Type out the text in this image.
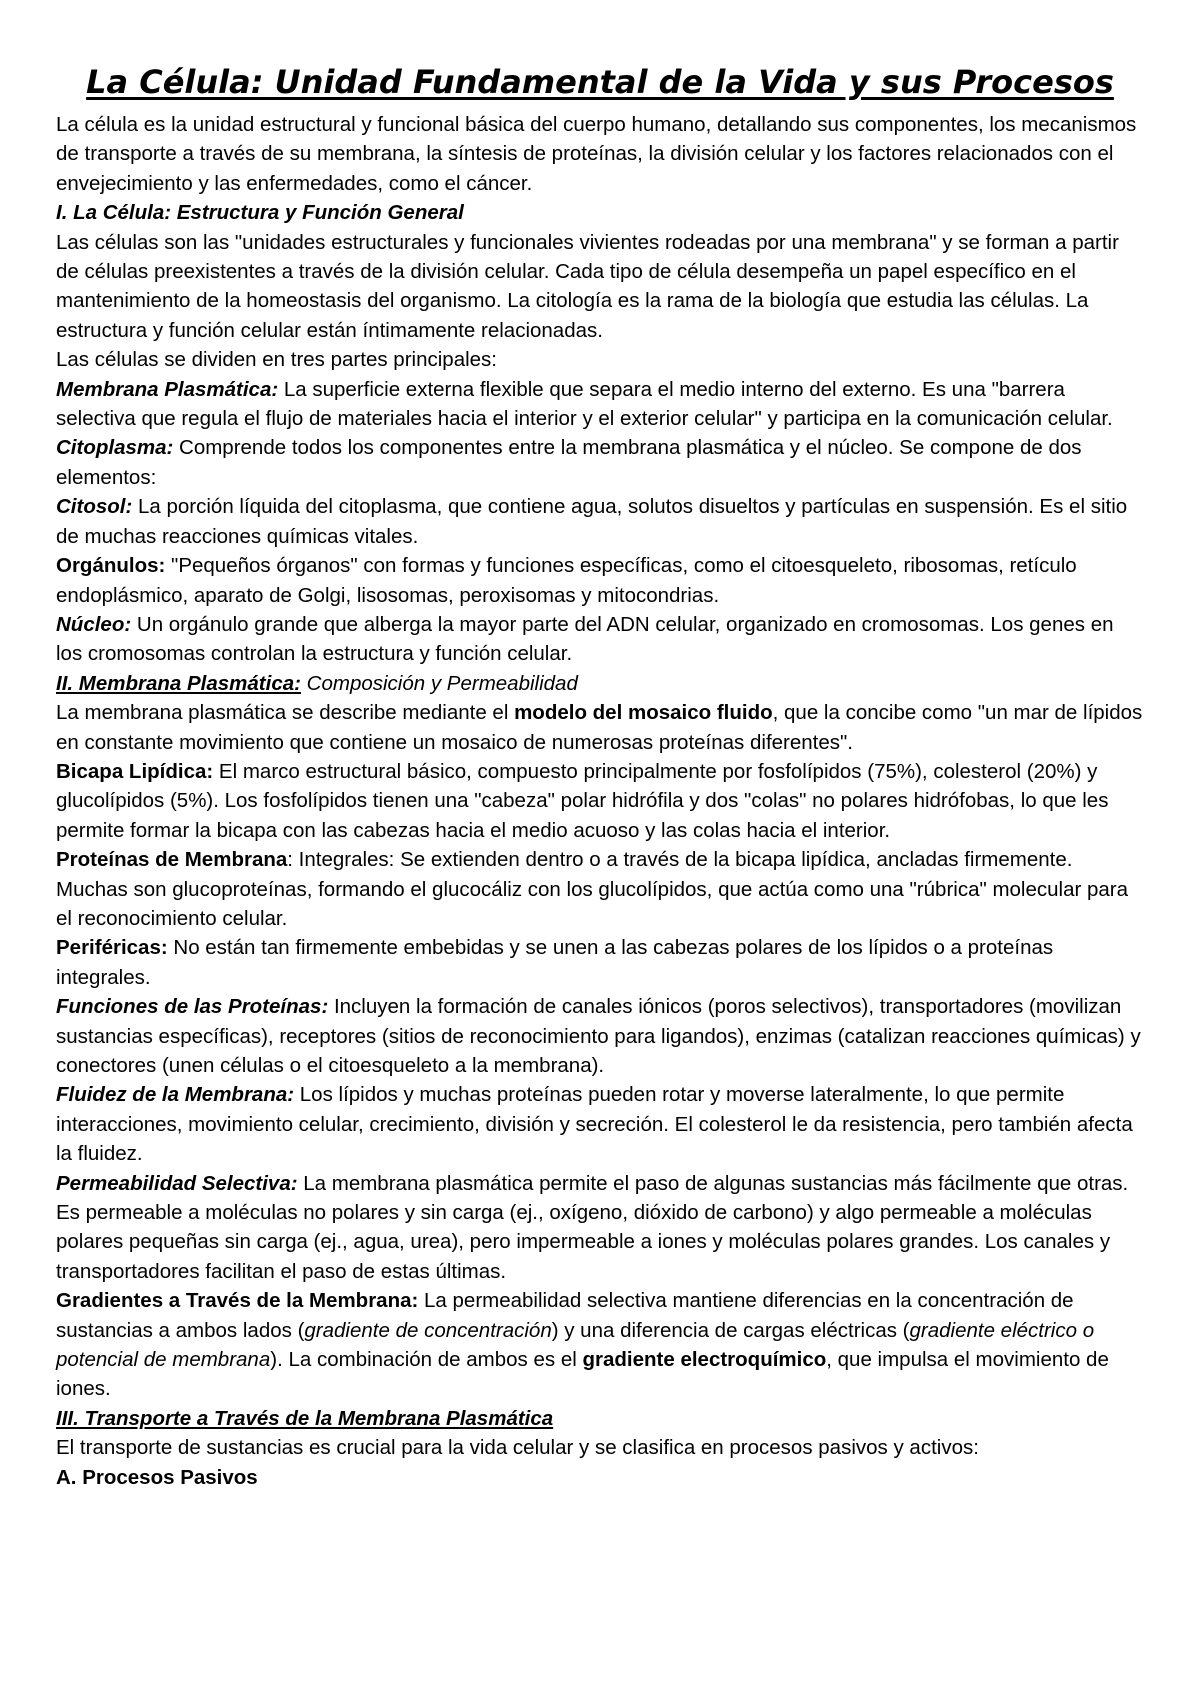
La Célula: Unidad Fundamental de la Vida y sus Procesos

La célula es la unidad estructural y funcional básica del cuerpo humano, detallando sus componentes, los mecanismos de transporte a través de su membrana, la síntesis de proteínas, la división celular y los factores relacionados con el envejecimiento y las enfermedades, como el cáncer.

I. La Célula: Estructura y Función General

Las células son las "unidades estructurales y funcionales vivientes rodeadas por una membrana" y se forman a partir de células preexistentes a través de la división celular. Cada tipo de célula desempeña un papel específico en el mantenimiento de la homeostasis del organismo. La citología es la rama de la biología que estudia las células. La estructura y función celular están íntimamente relacionadas.

Las células se dividen en tres partes principales:

Membrana Plasmática: La superficie externa flexible que separa el medio interno del externo. Es una "barrera selectiva que regula el flujo de materiales hacia el interior y el exterior celular" y participa en la comunicación celular.

Citoplasma: Comprende todos los componentes entre la membrana plasmática y el núcleo. Se compone de dos elementos:

Citosol: La porción líquida del citoplasma, que contiene agua, solutos disueltos y partículas en suspensión. Es el sitio de muchas reacciones químicas vitales.

Orgánulos: "Pequeños órganos" con formas y funciones específicas, como el citoesqueleto, ribosomas, retículo endoplásmico, aparato de Golgi, lisosomas, peroxisomas y mitocondrias.

Núcleo: Un orgánulo grande que alberga la mayor parte del ADN celular, organizado en cromosomas. Los genes en los cromosomas controlan la estructura y función celular.

II. Membrana Plasmática: Composición y Permeabilidad

La membrana plasmática se describe mediante el modelo del mosaico fluido, que la concibe como "un mar de lípidos en constante movimiento que contiene un mosaico de numerosas proteínas diferentes".

Bicapa Lipídica: El marco estructural básico, compuesto principalmente por fosfolípidos (75%), colesterol (20%) y glucolípidos (5%). Los fosfolípidos tienen una "cabeza" polar hidrófila y dos "colas" no polares hidrófobas, lo que les permite formar la bicapa con las cabezas hacia el medio acuoso y las colas hacia el interior.

Proteínas de Membrana: Integrales: Se extienden dentro o a través de la bicapa lipídica, ancladas firmemente. Muchas son glucoproteínas, formando el glucocáliz con los glucolípidos, que actúa como una "rúbrica" molecular para el reconocimiento celular.

Periféricas: No están tan firmemente embebidas y se unen a las cabezas polares de los lípidos o a proteínas integrales.

Funciones de las Proteínas: Incluyen la formación de canales iónicos (poros selectivos), transportadores (movilizan sustancias específicas), receptores (sitios de reconocimiento para ligandos), enzimas (catalizan reacciones químicas) y conectores (unen células o el citoesqueleto a la membrana).

Fluidez de la Membrana: Los lípidos y muchas proteínas pueden rotar y moverse lateralmente, lo que permite interacciones, movimiento celular, crecimiento, división y secreción. El colesterol le da resistencia, pero también afecta la fluidez.

Permeabilidad Selectiva: La membrana plasmática permite el paso de algunas sustancias más fácilmente que otras. Es permeable a moléculas no polares y sin carga (ej., oxígeno, dióxido de carbono) y algo permeable a moléculas polares pequeñas sin carga (ej., agua, urea), pero impermeable a iones y moléculas polares grandes. Los canales y transportadores facilitan el paso de estas últimas.

Gradientes a Través de la Membrana: La permeabilidad selectiva mantiene diferencias en la concentración de sustancias a ambos lados (gradiente de concentración) y una diferencia de cargas eléctricas (gradiente eléctrico o potencial de membrana). La combinación de ambos es el gradiente electroquímico, que impulsa el movimiento de iones.

III. Transporte a Través de la Membrana Plasmática

El transporte de sustancias es crucial para la vida celular y se clasifica en procesos pasivos y activos:

A. Procesos Pasivos
